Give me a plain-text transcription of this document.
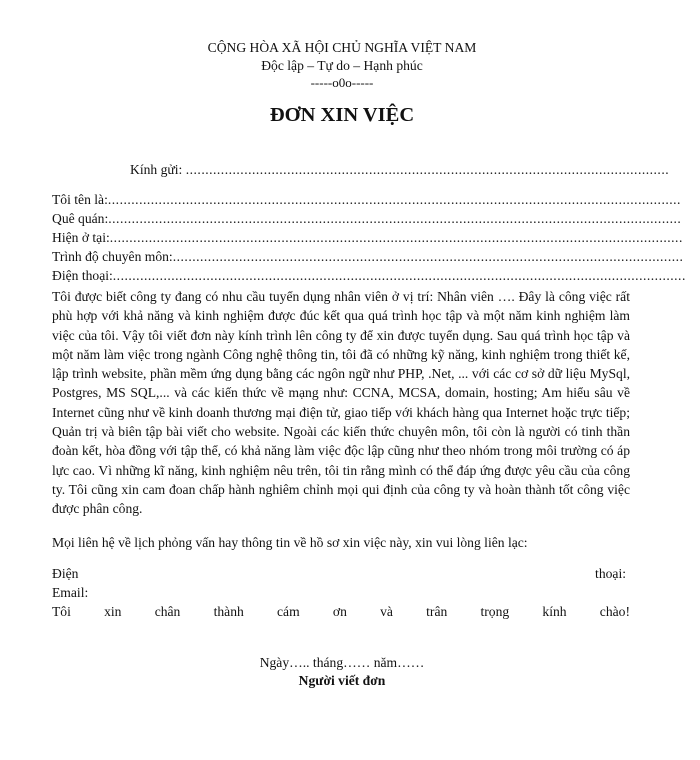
CỘNG HÒA XÃ HỘI CHỦ NGHĨA VIỆT NAM
Độc lập – Tự do – Hạnh phúc
-----o0o-----
ĐƠN XIN VIỆC
Kính gửi: ............................................................................................................................
Tôi tên là:...................................................................................................................................................
Quê quán:...................................................................................................................................................
Hiện ở tại:...................................................................................................................................................
Trình độ chuyên môn:...................................................................................................................................
Điện thoại:...................................................................................................................................................
Tôi được biết công ty đang có nhu cầu tuyển dụng nhân viên ở vị trí: Nhân viên …. Đây là công việc rất phù hợp với khả năng và kinh nghiệm được đúc kết qua quá trình học tập và một năm kinh nghiệm làm việc của tôi. Vậy tôi viết đơn này kính trình lên công ty để xin được tuyển dụng. Sau quá trình học tập và một năm làm việc trong ngành Công nghệ thông tin, tôi đã có những kỹ năng, kinh nghiệm trong thiết kế, lập trình website, phần mềm ứng dụng bằng các ngôn ngữ như PHP, .Net, ... với các cơ sở dữ liệu MySql, Postgres, MS SQL,... và các kiến thức về mạng như: CCNA, MCSA, domain, hosting; Am hiểu sâu về Internet cũng như về kinh doanh thương mại điện tử, giao tiếp với khách hàng qua Internet hoặc trực tiếp; Quản trị và biên tập bài viết cho website. Ngoài các kiến thức chuyên môn, tôi còn là người có tinh thần đoàn kết, hòa đồng với tập thể, có khả năng làm việc độc lập cũng như theo nhóm trong môi trường có áp lực cao. Vì những kĩ năng, kinh nghiệm nêu trên, tôi tin rằng mình có thể đáp ứng được yêu cầu của công ty. Tôi cũng xin cam đoan chấp hành nghiêm chỉnh mọi qui định của công ty và hoàn thành tốt công việc được phân công.
Mọi liên hệ về lịch phỏng vấn hay thông tin về hồ sơ xin việc này, xin vui lòng liên lạc:
Điện thoại:
Email:
Tôi xin chân thành cám ơn và trân trọng kính chào!
Ngày….. tháng…… năm……
Người viết đơn
